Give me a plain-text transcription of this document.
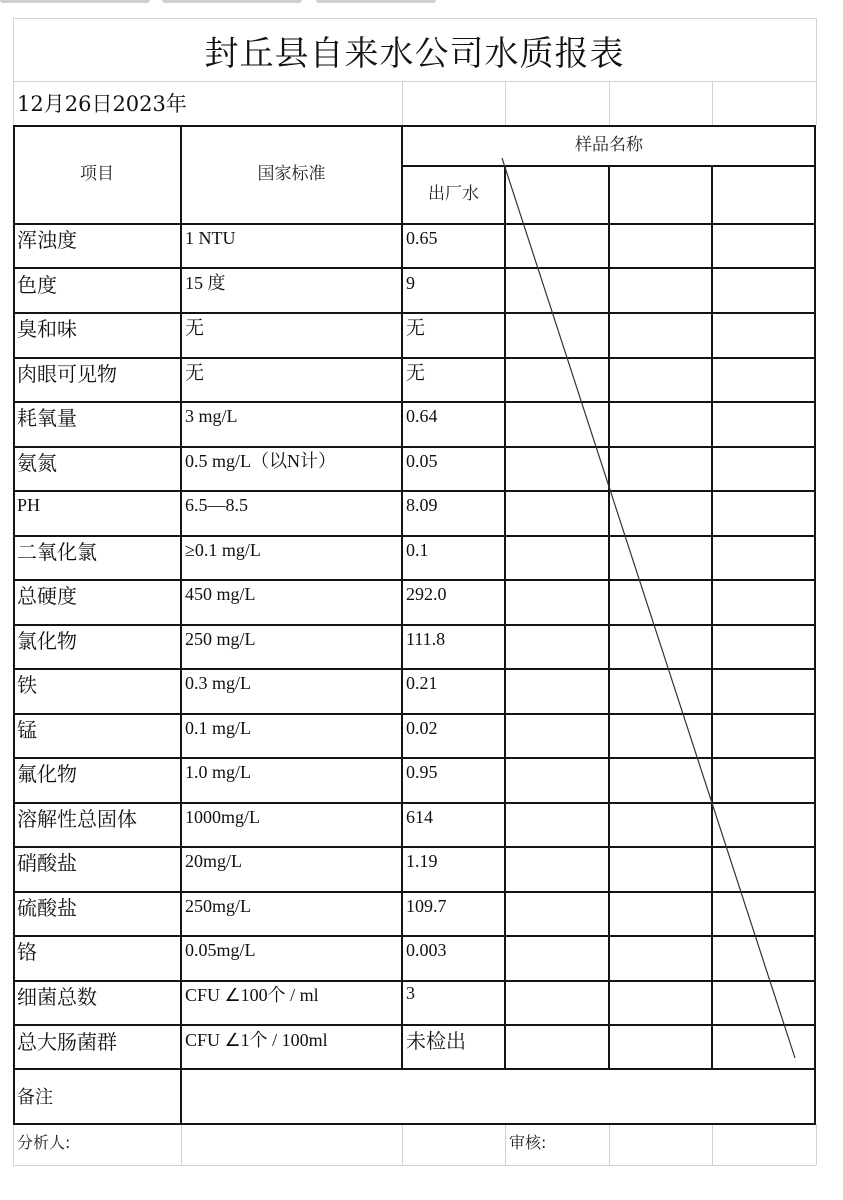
封丘县自来水公司水质报表
12月26日2023年
项目	国家标准
样品名称
出厂水
浑浊度	1 NTU	0.65
色度	15 度	9
臭和味	无	无
肉眼可见物	无	无
耗氧量	3 mg/L	0.64
氨氮	0.5 mg/L（以N计）	0.05
PH	6.5—8.5	8.09
二氧化氯	≥0.1 mg/L	0.1
总硬度	450 mg/L	292.0
氯化物	250 mg/L	111.8
铁	0.3 mg/L	0.21
锰	0.1 mg/L	0.02
氟化物	1.0 mg/L	0.95
溶解性总固体	1000mg/L	614
硝酸盐	20mg/L	1.19
硫酸盐	250mg/L	109.7
铬	0.05mg/L	0.003
细菌总数	CFU ∠100个 / ml	3
总大肠菌群	CFU ∠1个 / 100ml	未检出
备注
分析人:	审核:
